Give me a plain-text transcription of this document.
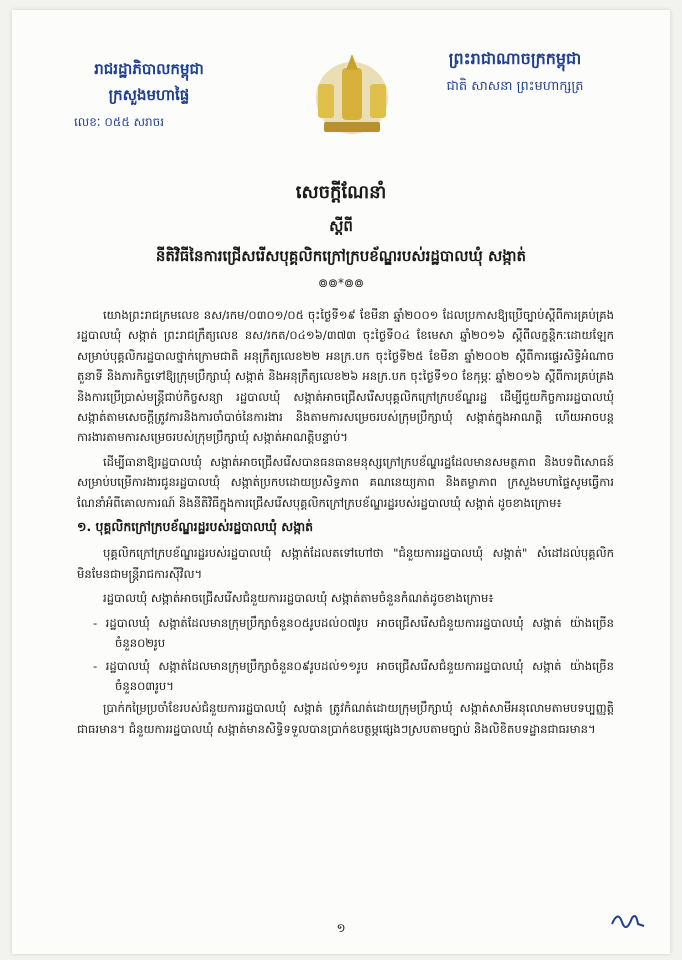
រាជរដ្ឋាភិបាលកម្ពុជា
ក្រសួងមហាផ្ទៃ
លេខៈ ០៥៥ សរាចរ
ព្រះរាជាណាចក្រកម្ពុជា
ជាតិ សាសនា ព្រះមហាក្សត្រ
សេចក្តីណែនាំ
ស្តីពី
នីតិវិធីនៃការជ្រើសរើសបុគ្គលិកក្រៅក្របខ័ណ្ឌរបស់រដ្ឋបាលឃុំ សង្កាត់
៙៙*៙៙

យោងព្រះរាជក្រមលេខ នស/រកម/០៣០១/០៥ ចុះថ្ងៃទី១៩ ខែមីនា ឆ្នាំ២០០១ ដែលប្រកាសឱ្យប្រើច្បាប់ស្តីពីការគ្រប់គ្រងរដ្ឋបាលឃុំ សង្កាត់ ព្រះរាជក្រឹត្យលេខ នស/រកត/០៤១៦/៣៧៣ ចុះថ្ងៃទី០៤ ខែមេសា ឆ្នាំ២០១៦ ស្តីពីលក្ខន្តិកៈដោយឡែកសម្រាប់បុគ្គលិករដ្ឋបាលថ្នាក់ក្រោមជាតិ អនុក្រឹត្យលេខ២២ អនក្រ.បក ចុះថ្ងៃទី២៥ ខែមីនា ឆ្នាំ២០០២ ស្តីពីការផ្ទេរសិទ្ធិអំណាច តួនាទី និងភារកិច្ចទៅឱ្យក្រុមប្រឹក្សាឃុំ សង្កាត់ និងអនុក្រឹត្យលេខ២៦ អនក្រ.បក ចុះថ្ងៃទី១០ ខែកុម្ភៈ ឆ្នាំ២០១៦ ស្តីពីការគ្រប់គ្រងនិងការប្រើប្រាស់មន្ត្រីជាប់កិច្ចសន្យា រដ្ឋបាលឃុំ សង្កាត់អាចជ្រើសរើសបុគ្គលិកក្រៅក្របខ័ណ្ឌរដ្ឋ ដើម្បីជួយកិច្ចការរដ្ឋបាលឃុំ សង្កាត់តាមសេចក្តីត្រូវការនិងការចាំបាច់នៃការងារ និងតាមការសម្រេចរបស់ក្រុមប្រឹក្សាឃុំ សង្កាត់ក្នុងអាណត្តិ ហើយអាចបន្តការងារតាមការសម្រេចរបស់ក្រុមប្រឹក្សាឃុំ សង្កាត់អាណត្តិបន្ទាប់។

ដើម្បីធានាឱ្យរដ្ឋបាលឃុំ សង្កាត់អាចជ្រើសរើសបានធនធានមនុស្សក្រៅក្របខ័ណ្ឌរដ្ឋដែលមានសមត្ថភាព និងបទពិសោធន៍សម្រាប់បម្រើការងារជូនរដ្ឋបាលឃុំ សង្កាត់ប្រកបដោយប្រសិទ្ធភាព គណនេយ្យភាព និងតម្លាភាព ក្រសួងមហាផ្ទៃសូមធ្វើការណែនាំអំពីគោលការណ៍ និងនីតិវិធីក្នុងការជ្រើសរើសបុគ្គលិកក្រៅក្របខ័ណ្ឌរដ្ឋរបស់រដ្ឋបាលឃុំ សង្កាត់ ដូចខាងក្រោម៖

១. បុគ្គលិកក្រៅក្របខ័ណ្ឌរដ្ឋរបស់រដ្ឋបាលឃុំ សង្កាត់

បុគ្គលិកក្រៅក្របខ័ណ្ឌរដ្ឋរបស់រដ្ឋបាលឃុំ សង្កាត់ដែលតទៅហៅថា "ជំនួយការរដ្ឋបាលឃុំ សង្កាត់" សំដៅដល់បុគ្គលិកមិនមែនជាមន្ត្រីរាជការស៊ីវិល។

រដ្ឋបាលឃុំ សង្កាត់អាចជ្រើសរើសជំនួយការរដ្ឋបាលឃុំ សង្កាត់តាមចំនួនកំណត់ដូចខាងក្រោម៖

- រដ្ឋបាលឃុំ សង្កាត់ដែលមានក្រុមប្រឹក្សាចំនួន០៥រូបដល់០៧រូប អាចជ្រើសរើសជំនួយការរដ្ឋបាលឃុំ សង្កាត់ យ៉ាងច្រើនចំនួន០២រូប

- រដ្ឋបាលឃុំ សង្កាត់ដែលមានក្រុមប្រឹក្សាចំនួន០៩រូបដល់១១រូប អាចជ្រើសរើសជំនួយការរដ្ឋបាលឃុំ សង្កាត់ យ៉ាងច្រើនចំនួន០៣រូប។

ប្រាក់កម្រៃប្រចាំខែរបស់ជំនួយការរដ្ឋបាលឃុំ សង្កាត់ ត្រូវកំណត់ដោយក្រុមប្រឹក្សាឃុំ សង្កាត់សាមីអនុលោមតាមបទប្បញ្ញត្តិជាធរមាន។ ជំនួយការរដ្ឋបាលឃុំ សង្កាត់មានសិទ្ធិទទួលបានប្រាក់ឧបត្ថម្ភផ្សេងៗស្របតាមច្បាប់ និងលិខិតបទដ្ឋានជាធរមាន។

១
